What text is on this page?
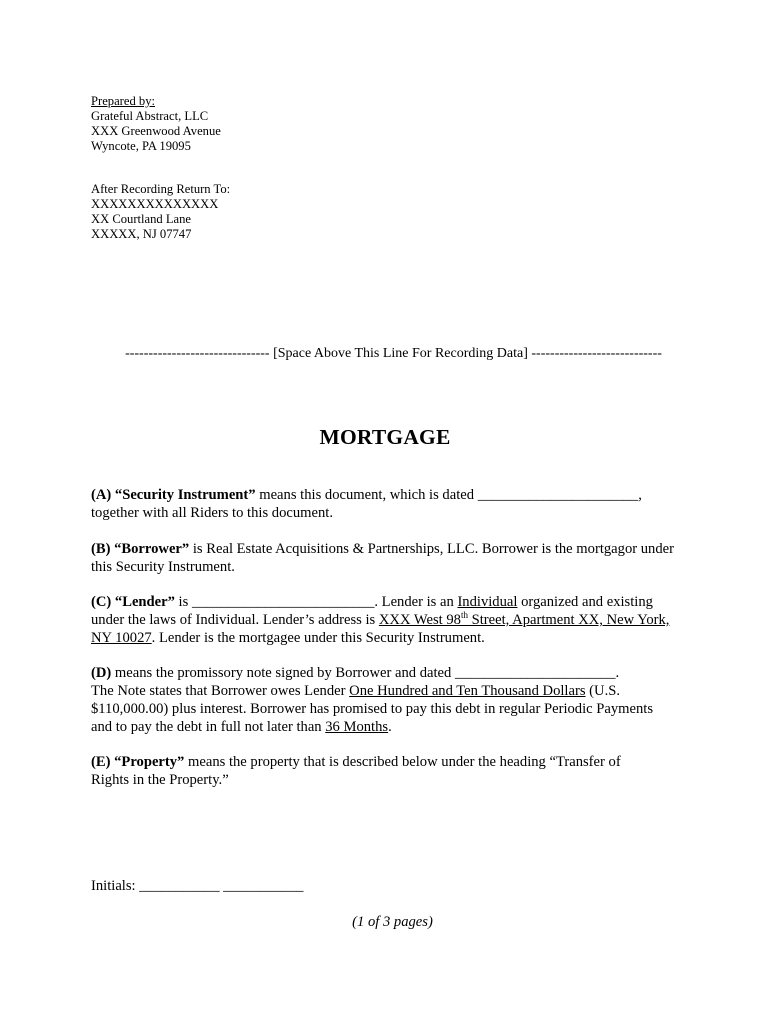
Prepared by:
Grateful Abstract, LLC
XXX Greenwood Avenue
Wyncote, PA 19095
After Recording Return To:
XXXXXXXXXXXXXX
XX Courtland Lane
XXXXX, NJ 07747
------------------------------- [Space Above This Line For Recording Data] ----------------------------
MORTGAGE
(A) “Security Instrument” means this document, which is dated ______________________,
together with all Riders to this document.
(B) “Borrower” is Real Estate Acquisitions & Partnerships, LLC. Borrower is the mortgagor under
this Security Instrument.
(C) “Lender” is _________________________. Lender is an Individual organized and existing
under the laws of Individual. Lender’s address is XXX West 98th Street, Apartment XX, New York,
NY 10027. Lender is the mortgagee under this Security Instrument.
(D) means the promissory note signed by Borrower and dated ______________________.
The Note states that Borrower owes Lender One Hundred and Ten Thousand Dollars (U.S.
$110,000.00) plus interest. Borrower has promised to pay this debt in regular Periodic Payments
and to pay the debt in full not later than 36 Months.
(E) “Property” means the property that is described below under the heading “Transfer of
Rights in the Property.”
Initials: ___________ ___________
(1 of 3 pages)
